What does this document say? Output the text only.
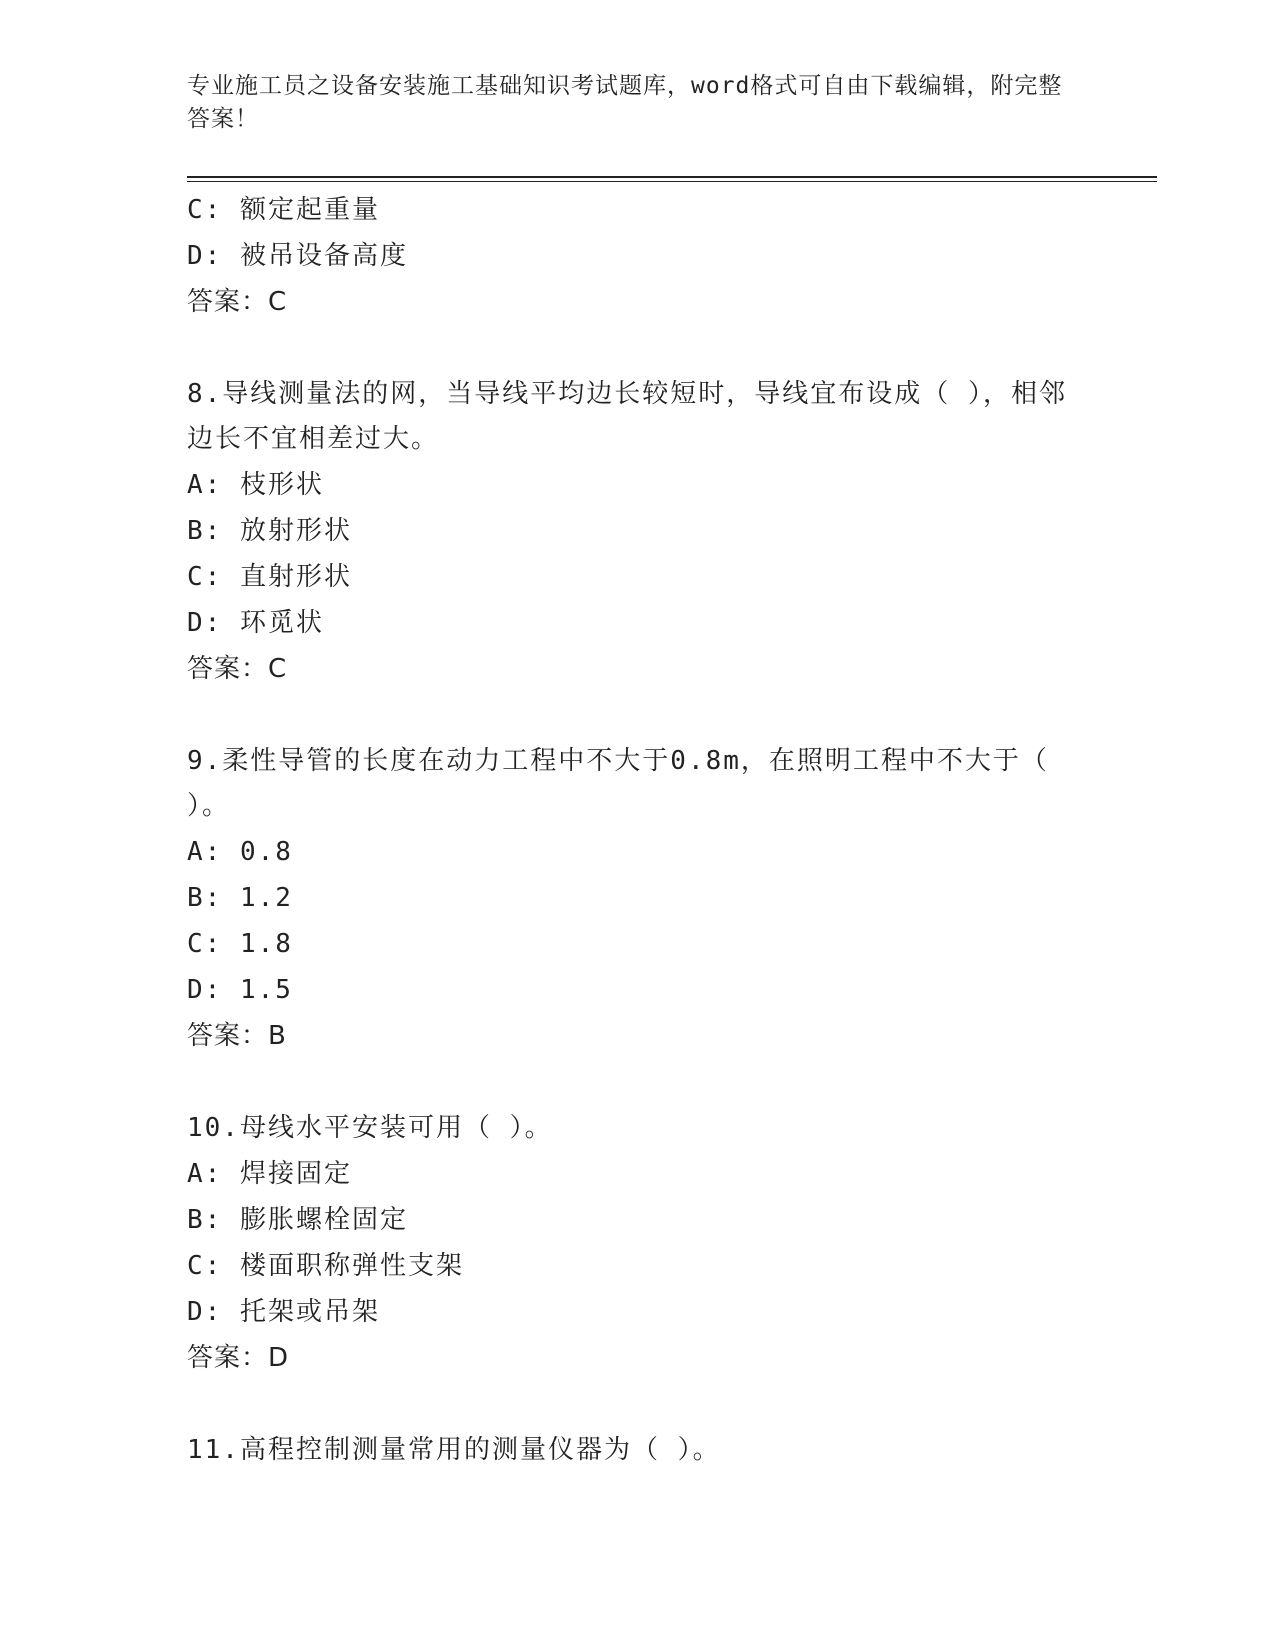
专业施工员之设备安装施工基础知识考试题库，word格式可自由下载编辑，附完整答案！
C: 额定起重量
D: 被吊设备高度
答案：C
8.导线测量法的网，当导线平均边长较短时，导线宜布设成（ ），相邻边长不宜相差过大。
A: 枝形状
B: 放射形状
C: 直射形状
D: 环觅状
答案：C
9.柔性导管的长度在动力工程中不大于0.8m，在照明工程中不大于（ ）。
A: 0.8
B: 1.2
C: 1.8
D: 1.5
答案：B
10.母线水平安装可用（ ）。
A: 焊接固定
B: 膨胀螺栓固定
C: 楼面职称弹性支架
D: 托架或吊架
答案：D
11.高程控制测量常用的测量仪器为（ ）。
